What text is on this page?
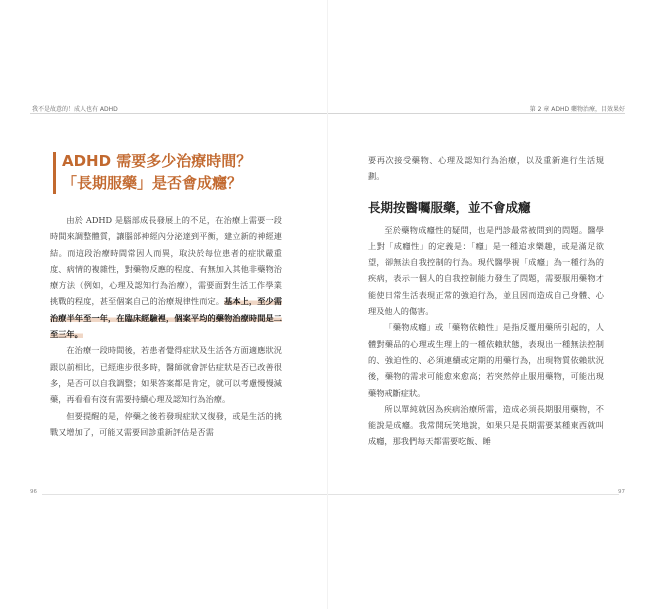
我不是故意的！成人也有 ADHD
ADHD 需要多少治療時間？
「長期服藥」是否會成癮？

由於 ADHD 是腦部成長發展上的不足，在治療上需要一段時間來調整體質，讓腦部神經內分泌達到平衡，建立新的神經連結。而這段治療時間常因人而異，取決於每位患者的症狀嚴重度、病情的複雜性，對藥物反應的程度、有無加入其他非藥物治療方法（例如，心理及認知行為治療），需要面對生活工作學業挑戰的程度，甚至個案自己的治療規律性而定。基本上，至少需治療半年至一年，在臨床經驗裡，個案平均的藥物治療時間是二至三年。

在治療一段時間後，若患者覺得症狀及生活各方面適應狀況跟以前相比，已經進步很多時，醫師就會評估症狀是否已改善很多，是否可以自我調整；如果答案都是肯定，就可以考慮慢慢減藥，再看看有沒有需要持續心理及認知行為治療。

但要提醒的是，停藥之後若發現症狀又復發，或是生活的挑戰又增加了，可能又需要回診重新評估是否需

96
第 2 章 ADHD 藥物治療，目效果好

要再次接受藥物、心理及認知行為治療，以及重新進行生活規劃。

長期按醫囑服藥，並不會成癮

至於藥物成癮性的疑問，也是門診最常被問到的問題。醫學上對「成癮性」的定義是：「癮」是一種追求樂趣，或是滿足欲望，卻無法自我控制的行為。現代醫學視「成癮」為一種行為的疾病，表示一個人的自我控制能力發生了問題，需要服用藥物才能使日常生活表現正常的強迫行為，並且因而造成自己身體、心理及他人的傷害。

「藥物成癮」或「藥物依賴性」是指反覆用藥所引起的，人體對藥品的心理或生理上的一種依賴狀態，表現出一種無法控制的、強迫性的、必須連續或定期的用藥行為，出現物質依賴狀況後，藥物的需求可能愈來愈高；若突然停止服用藥物，可能出現藥物戒斷症狀。

所以單純就因為疾病治療所需，造成必須長期服用藥物，不能說是成癮。我常開玩笑地說，如果只是長期需要某種東西就叫成癮，那我們每天都需要吃飯、睡

97
